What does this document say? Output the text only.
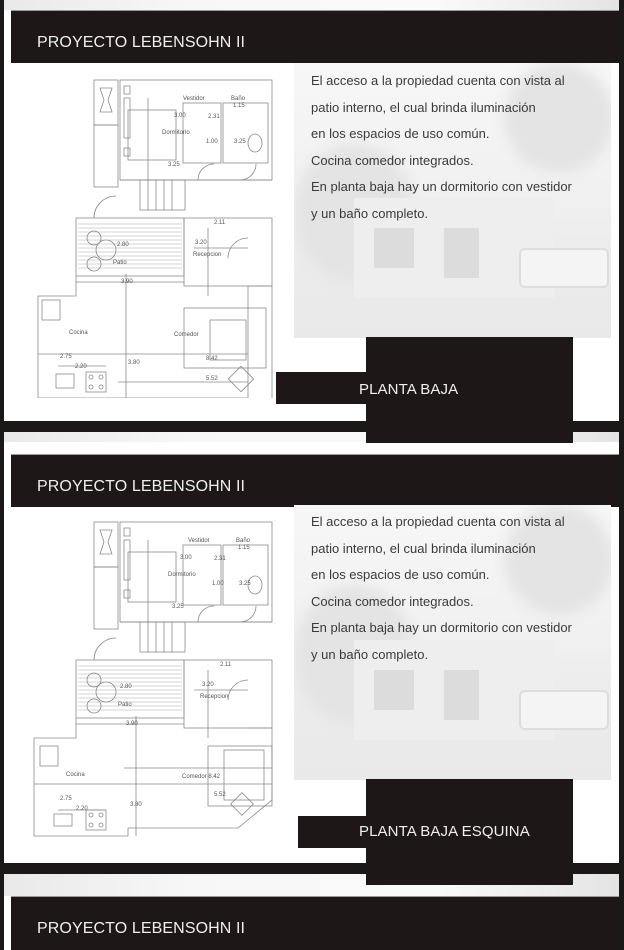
PROYECTO LEBENSOHN II
Vestidor	Baño
1.15
3.00	2.31
Dormitorio
1.00	3.25
3.25
2.11
3.20
Recepcion
2.80
Patio
3.90
Cocina	Comedor
2.75
2.20
3.80
8.42
5.52
El acceso a la propiedad cuenta con vista al
patio interno, el cual brinda iluminación
en los espacios de uso común.
Cocina comedor integrados.
En planta baja hay un dormitorio con vestidor
y un baño completo.
PLANTA BAJA
PROYECTO LEBENSOHN II
Vestidor	Baño
1.15
3.00	2.31
Dormitorio
1.00	3.25
3.25
2.11
3.20
Recepcion
2.80
Patio
3.90
Cocina	Comedor 8.42
5.52
2.75
2.20
3.80
El acceso a la propiedad cuenta con vista al
patio interno, el cual brinda iluminación
en los espacios de uso común.
Cocina comedor integrados.
En planta baja hay un dormitorio con vestidor
y un baño completo.
PLANTA BAJA ESQUINA
PROYECTO LEBENSOHN II
